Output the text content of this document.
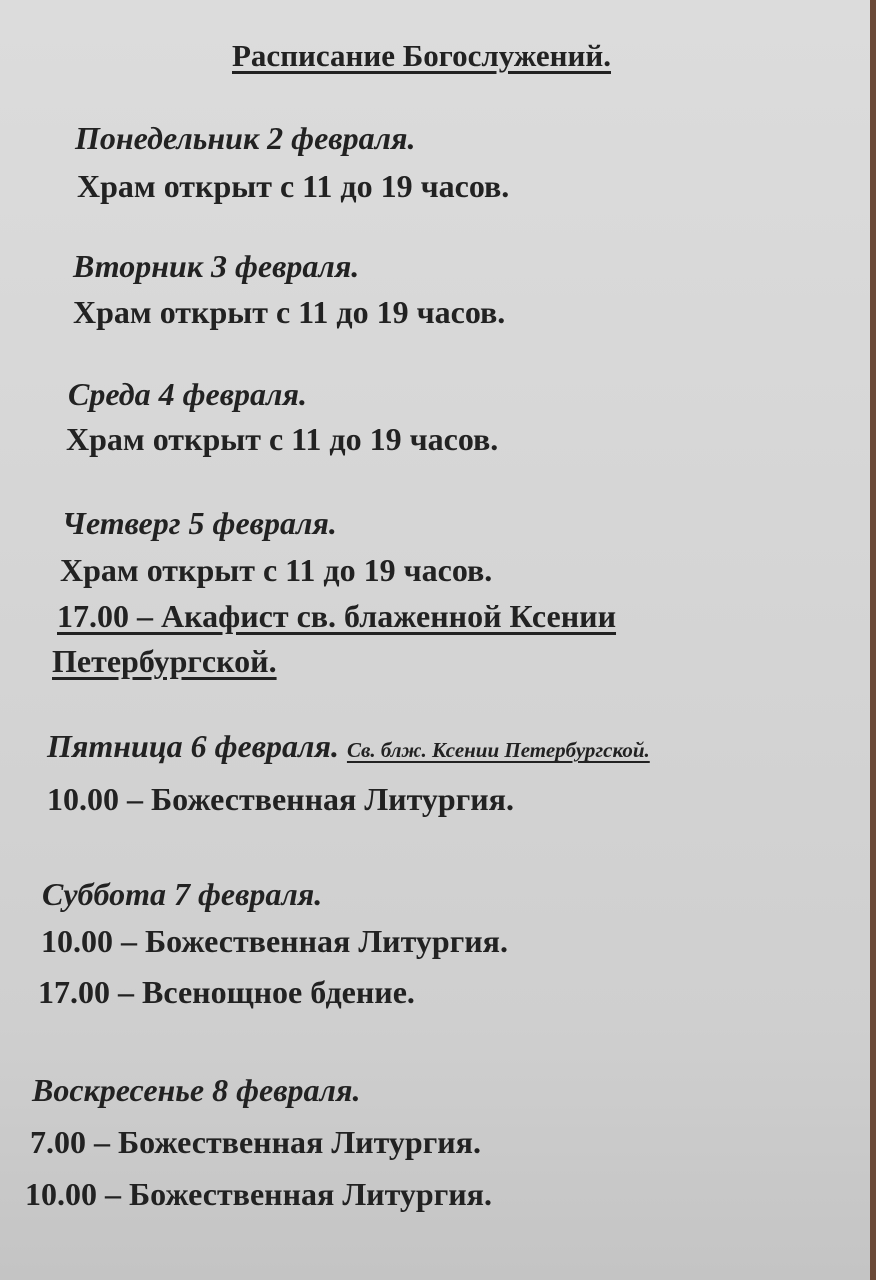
Расписание Богослужений.
Понедельник 2 февраля.
Храм открыт с 11 до 19 часов.
Вторник 3 февраля.
Храм открыт с 11 до 19 часов.
Среда 4 февраля.
Храм открыт с 11 до 19 часов.
Четверг 5 февраля.
Храм открыт с 11 до 19 часов.
17.00 – Акафист св. блаженной Ксении
Петербургской.
Пятница 6 февраля. Св. блж. Ксении Петербургской.
10.00 – Божественная Литургия.
Суббота 7 февраля.
10.00 – Божественная Литургия.
17.00 – Всенощное бдение.
Воскресенье 8 февраля.
7.00 – Божественная Литургия.
10.00 – Божественная Литургия.
